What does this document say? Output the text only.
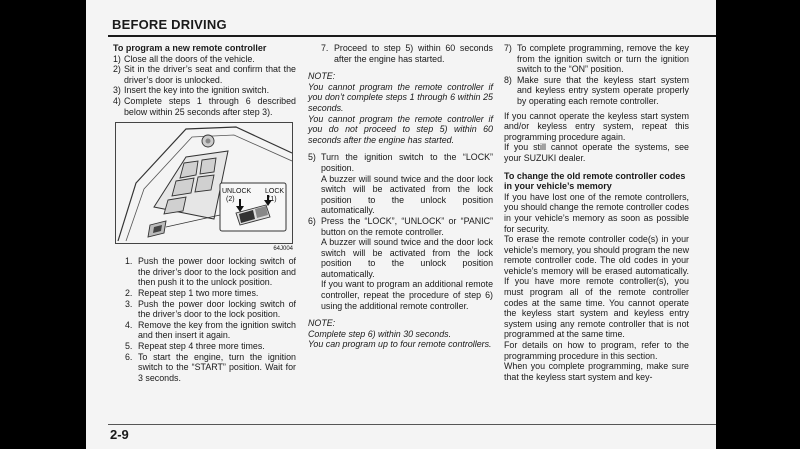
BEFORE DRIVING
To program a new remote controller
1) Close all the doors of the vehicle.
2) Sit in the driver’s seat and confirm that the driver’s door is unlocked.
3) Insert the key into the ignition switch.
4) Complete steps 1 through 6 described below within 25 seconds after step 3).
UNLOCK
(2)
LOCK
(1)
64J004
1. Push the power door locking switch of the driver’s door to the lock position and then push it to the unlock position.
2. Repeat step 1 two more times.
3. Push the power door locking switch of the driver’s door to the lock position.
4. Remove the key from the ignition switch and then insert it again.
5. Repeat step 4 three more times.
6. To start the engine, turn the ignition switch to the “START” position. Wait for 3 seconds.
7. Proceed to step 5) within 60 seconds after the engine has started.
NOTE:
You cannot program the remote controller if you don’t complete steps 1 through 6 within 25 seconds.
You cannot program the remote controller if you do not proceed to step 5) within 60 seconds after the engine has started.
5) Turn the ignition switch to the “LOCK” position.
A buzzer will sound twice and the door lock switch will be activated from the lock position to the unlock position automatically.
6) Press the “LOCK”, “UNLOCK” or “PANIC” button on the remote controller.
A buzzer will sound twice and the door lock switch will be activated from the lock position to the unlock position automatically.
If you want to program an additional remote controller, repeat the procedure of step 6) using the additional remote controller.
NOTE:
Complete step 6) within 30 seconds.
You can program up to four remote controllers.
7) To complete programming, remove the key from the ignition switch or turn the ignition switch to the “ON” position.
8) Make sure that the keyless start system and keyless entry system operate properly by operating each remote controller.
If you cannot operate the keyless start system and/or keyless entry system, repeat this programming procedure again.
If you still cannot operate the systems, see your SUZUKI dealer.
To change the old remote controller codes in your vehicle’s memory
If you have lost one of the remote controllers, you should change the remote controller codes in your vehicle’s memory as soon as possible for security.
To erase the remote controller code(s) in your vehicle’s memory, you should program the new remote controller code. The old codes in your vehicle’s memory will be erased automatically. If you have more remote controller(s), you must program all of the remote controller codes at the same time. You cannot operate the keyless start system and keyless entry system using any remote controller that is not programmed at the same time.
For details on how to program, refer to the programming procedure in this section.
When you complete programming, make sure that the keyless start system and key-
2-9
